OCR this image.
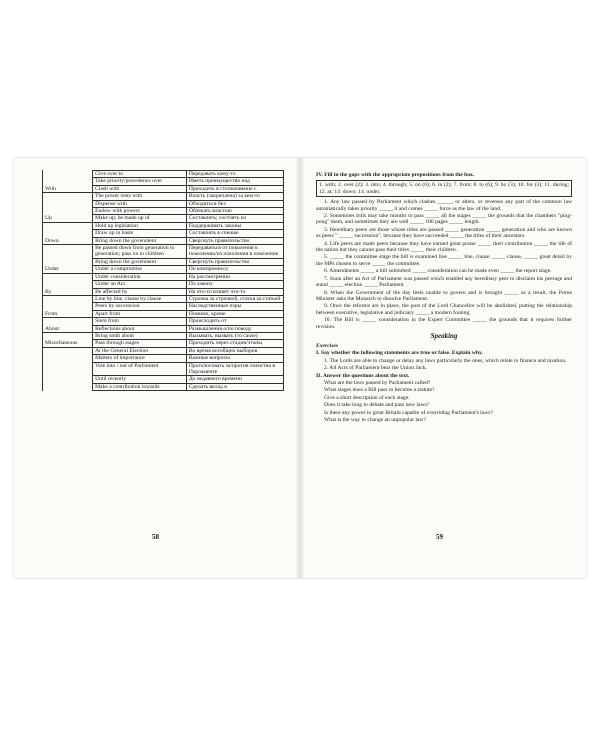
	Give over to	Передавать кому-то
	Take priority/precedence over	Иметь преимущество над
With	Clash with	Приходить в столкновение с
	The power rests with	Власть (закреплена) за кем-то
	Dispense with	Обходиться без
	Endow with powers	Облекать властью
Up	Make up; be made up of	Составлять; состоять из
	Hold up legislation	Поддерживать законы
	Draw up in haste	Составлять в спешке
Down	Bring down the govenment	Свергнуть правительство
	Be passed down from generation to generation; pass on to children	Передаваться от поколения к поколению/из поколения в поколение
	Bring down the govenment	Свергнуть правительство
Under	Under a compromise	По компромиссу
	Under consideration	На рассмотрении
	Under an Act	По закону
By	Be affected by	На что-то влияет что-то
	Line by line, clause by clause	Строчка за строчкой, статья за статьей
	Peers by succession	Наследственные пэры
From	Apart from	Помимо, кроме
	Stem from	Происходить от
About	Reflections about	Размышления о/по поводу
	Bring smth about	Вызывать, вызвать (то cause)
Miscellaneous	Pass through stages	Проходить через стадии/этапы
	At the General Election	Во время всеобщих выборов
	Matters of importance	Важные вопросы
	Vote into / out of Parliament	Проголосовать за/против членства в Парламенте
	Until recently	До недавнего времени
	Make a contribution towards	Сделать вклад в
58

IV. Fill in the gaps with the appropriate prepositions from the box.

1. with; 2. over (2); 3. into; 4. through; 5. on (6); 6. in (2); 7. from; 8. to (6); 9. by (3); 10. for (3); 11. during; 12. at; 13. down; 14. under.

1. Any law passed by Parliament which clashes _____, or alters, or reverses any part of the common law automatically takes priority _____ it and comes _____ force as the law of the land.

2. Sometimes bills may take months to pass _____ all the stages _____ the grounds that the chambers "ping-pong" them, and sometimes they are well _____ 100 pages _____ length.

3. Hereditary peers are those whose titles are passed _____ generation _____ generation and who are known as peers " _____ succession", because they have succeeded _____ the titles of their ancestors.

4. Life peers are made peers because they have earned great praise _____ their contribution _____ the life of the nation but they cannot pass their titles _____ their children.

5. _____ the committee stage the bill is examined line _____ line, clause _____ clause, _____ great detail by the MPs chosen to serve _____ the committee.

6. Amendments _____ a bill submitted _____ consideration can be made even _____ the report stage.

7. Soon after an Act of Parliament was passed which enabled any hereditary peer to disclaim his peerage and stand _____ election _____ Parliament.

8. When the Government of the day feels unable to govern and is brought _____ as a result, the Prime Minister asks the Monarch to dissolve Parliament.

9. Once the reforms are in place, the post of the Lord Chancellor will be abolished, putting the relationship between executive, legislative and judiciary _____ a modern footing.

10. The Bill is _____ consideration in the Expert Committee _____ the grounds that it requires further revision.

Speaking

Exercises

I. Say whether the following statements are true or false. Explain why.

1. The Lords are able to change or delay any laws particularly the ones, which relate to finance and taxation.

2. All Acts of Parliament bear the Union Jack.

II. Answer the questions about the text.

What are the laws passed by Parliament called?

What stages does a Bill pass to become a statute?

Give a short description of each stage.

Does it take long to debate and pass new laws?

Is there any power in great Britain capable of overriding Parliament's laws?

What is the way to change an unpopular law?

59
